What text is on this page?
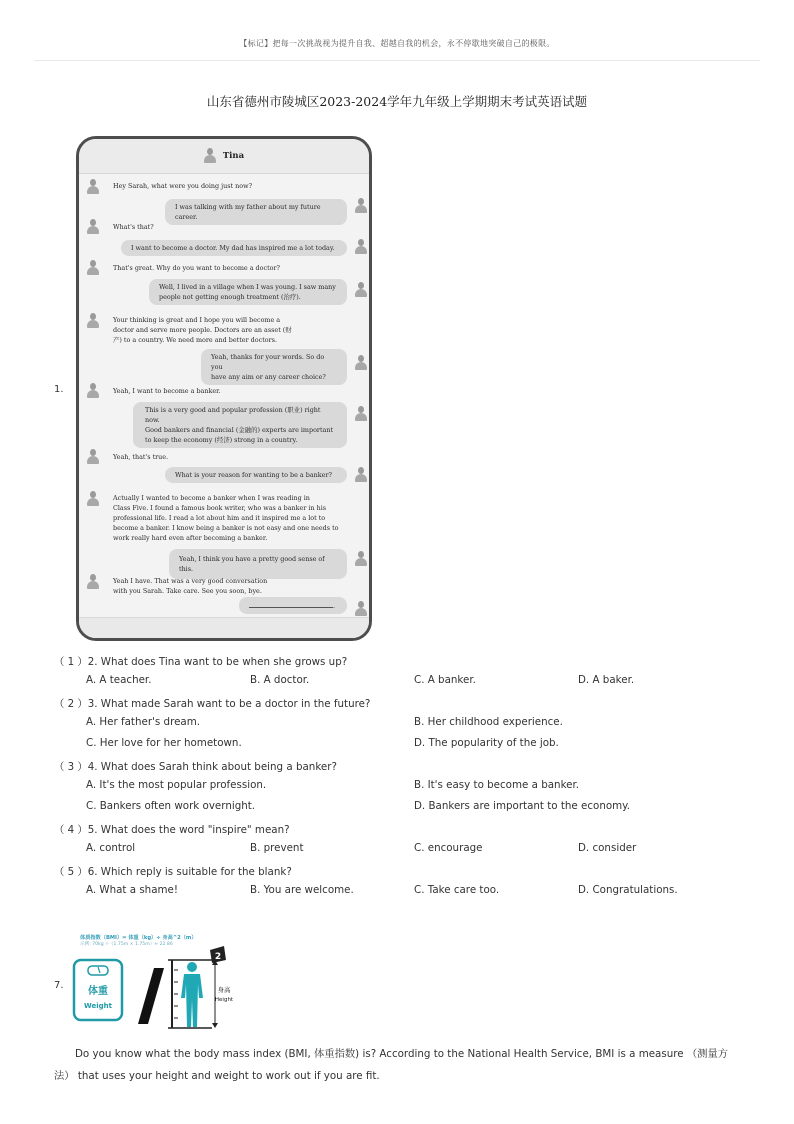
【标记】把每一次挑战视为提升自我、超越自我的机会，永不停歇地突破自己的极限。
山东省德州市陵城区2023-2024学年九年级上学期期末考试英语试题
1.
Tina
Hey Sarah, what were you doing just now?
I was talking with my father about my future career.
What's that?
I want to become a doctor. My dad has inspired me a lot today.
That's great. Why do you want to become a doctor?
Well, I lived in a village when I was young. I saw many
people not getting enough treatment (治疗).
Your thinking is great and I hope you will become a
doctor and serve more people. Doctors are an asset (财
产) to a country. We need more and better doctors.
Yeah, thanks for your words. So do you
have any aim or any career choice?
Yeah, I want to become a banker.
This is a very good and popular profession (职业) right now.
Good bankers and financial (金融的) experts are important
to keep the economy (经济) strong in a country.
Yeah, that's true.
What is your reason for wanting to be a banker?
Actually I wanted to become a banker when I was reading in
Class Five. I found a famous book writer, who was a banker in his
professional life. I read a lot about him and it inspired me a lot to
become a banker. I know being a banker is not easy and one needs to
work really hard even after becoming a banker.
Yeah, I think you have a pretty good sense of this.
Yeah I have. That was a very good conversation
with you Sarah. Take care. See you soon, bye.
.
（ 1 ）2. What does Tina want to be when she grows up?
A. A teacher.	B. A doctor.	C. A banker.	D. A baker.
（ 2 ）3. What made Sarah want to be a doctor in the future?
A. Her father's dream.	B. Her childhood experience.
C. Her love for her hometown.	D. The popularity of the job.
（ 3 ）4. What does Sarah think about being a banker?
A. It's the most popular profession.	B. It's easy to become a banker.
C. Bankers often work overnight.	D. Bankers are important to the economy.
（ 4 ）5. What does the word "inspire" mean?
A. control	B. prevent	C. encourage	D. consider
（ 5 ）6. Which reply is suitable for the blank?
A. What a shame!	B. You are welcome.	C. Take care too.	D. Congratulations.
7.
体质指数（BMI）= 体重（kg）÷ 身高^2（m）
示例: 70kg ÷（1.75m × 1.75m）≈ 22.86
体重
Weight
身高
Height
2
Do you know what the body mass index (BMI, 体重指数) is? According to the National Health Service, BMI is a measure （测量方法） that uses your height and weight to work out if you are fit.
